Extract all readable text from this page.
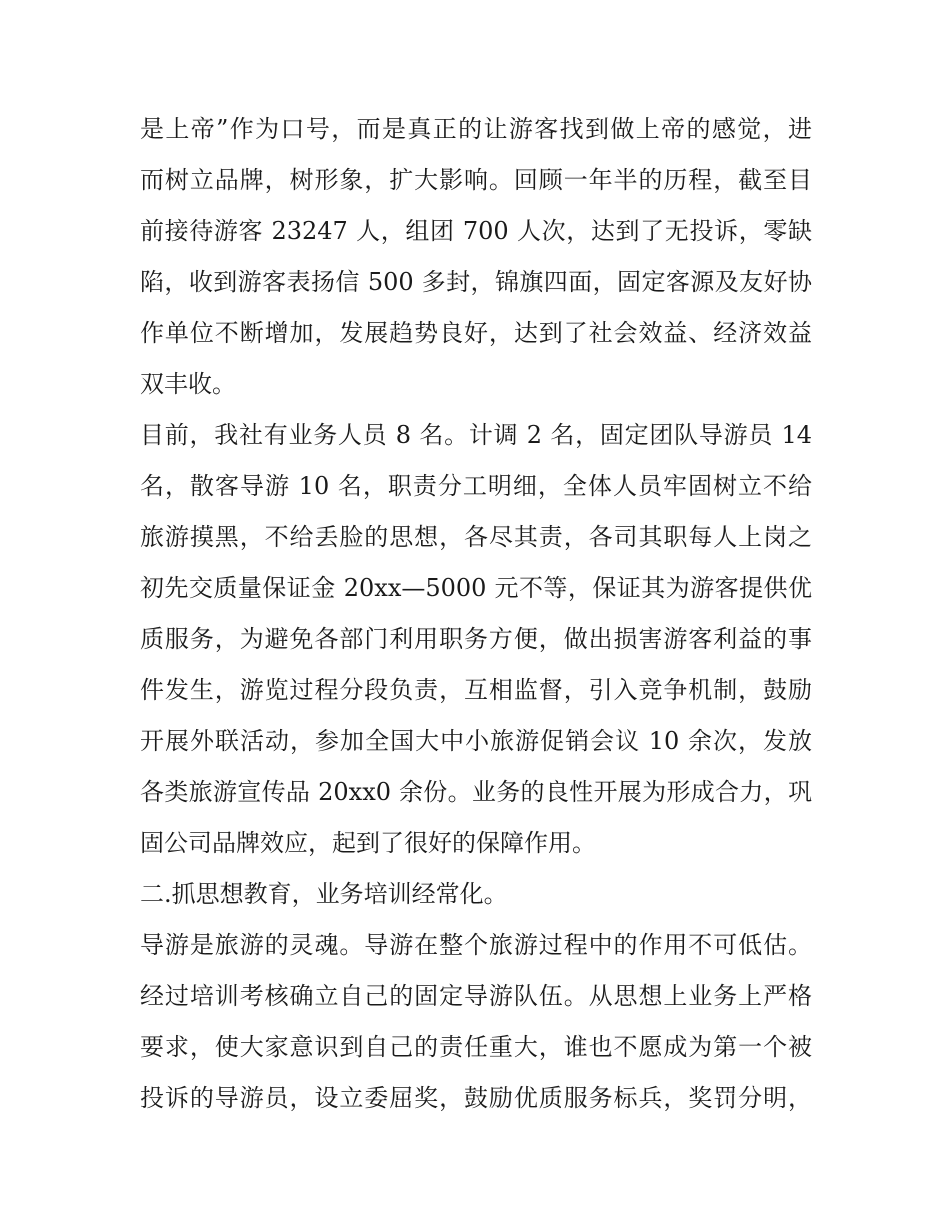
是上帝”作为口号，而是真正的让游客找到做上帝的感觉，进
而树立品牌，树形象，扩大影响。回顾一年半的历程，截至目
前接待游客 23247 人，组团 700 人次，达到了无投诉，零缺
陷，收到游客表扬信 500 多封，锦旗四面，固定客源及友好协
作单位不断增加，发展趋势良好，达到了社会效益、经济效益
双丰收。
目前，我社有业务人员 8 名。计调 2 名，固定团队导游员 14
名，散客导游 10 名，职责分工明细，全体人员牢固树立不给
旅游摸黑，不给丢脸的思想，各尽其责，各司其职每人上岗之
初先交质量保证金 20xx—5000 元不等，保证其为游客提供优
质服务，为避免各部门利用职务方便，做出损害游客利益的事
件发生，游览过程分段负责，互相监督，引入竞争机制，鼓励
开展外联活动，参加全国大中小旅游促销会议 10 余次，发放
各类旅游宣传品 20xx0 余份。业务的良性开展为形成合力，巩
固公司品牌效应，起到了很好的保障作用。
二.抓思想教育，业务培训经常化。
导游是旅游的灵魂。导游在整个旅游过程中的作用不可低估。
经过培训考核确立自己的固定导游队伍。从思想上业务上严格
要求，使大家意识到自己的责任重大，谁也不愿成为第一个被
投诉的导游员，设立委屈奖，鼓励优质服务标兵，奖罚分明，
